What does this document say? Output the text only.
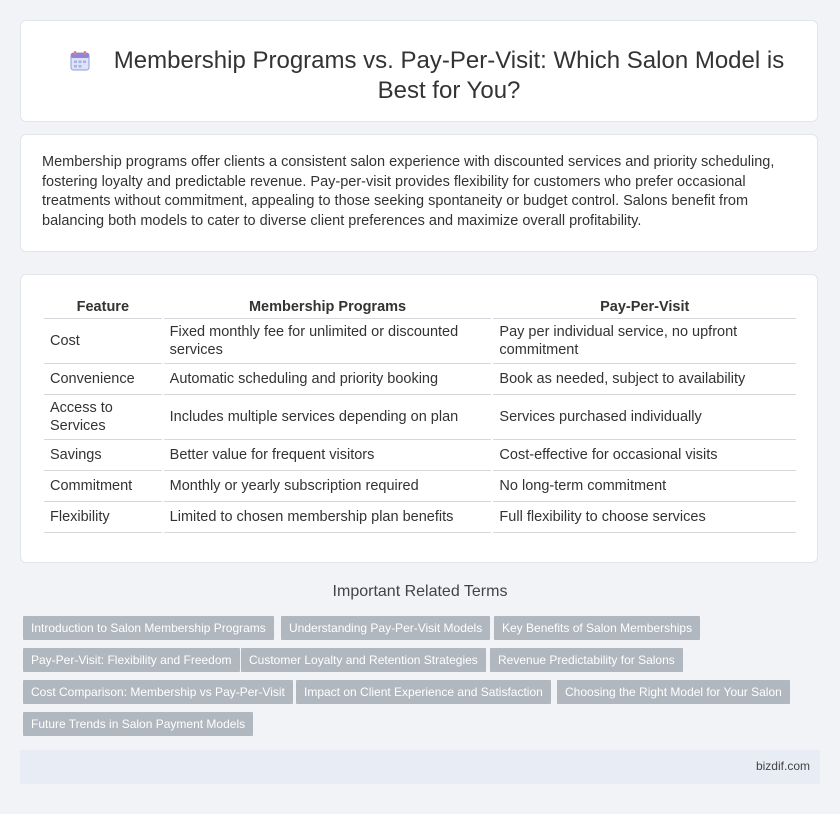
Membership Programs vs. Pay-Per-Visit: Which Salon Model is Best for You?

Membership programs offer clients a consistent salon experience with discounted services and priority scheduling, fostering loyalty and predictable revenue. Pay-per-visit provides flexibility for customers who prefer occasional treatments without commitment, appealing to those seeking spontaneity or budget control. Salons benefit from balancing both models to cater to diverse client preferences and maximize overall profitability.

Feature	Membership Programs	Pay-Per-Visit
Cost	Fixed monthly fee for unlimited or discounted services	Pay per individual service, no upfront commitment
Convenience	Automatic scheduling and priority booking	Book as needed, subject to availability
Access to Services	Includes multiple services depending on plan	Services purchased individually
Savings	Better value for frequent visitors	Cost-effective for occasional visits
Commitment	Monthly or yearly subscription required	No long-term commitment
Flexibility	Limited to chosen membership plan benefits	Full flexibility to choose services
Important Related Terms
Introduction to Salon Membership Programs	Understanding Pay-Per-Visit Models	Key Benefits of Salon Memberships
Pay-Per-Visit: Flexibility and Freedom	Customer Loyalty and Retention Strategies	Revenue Predictability for Salons
Cost Comparison: Membership vs Pay-Per-Visit	Impact on Client Experience and Satisfaction	Choosing the Right Model for Your Salon
Future Trends in Salon Payment Models
bizdif.com
